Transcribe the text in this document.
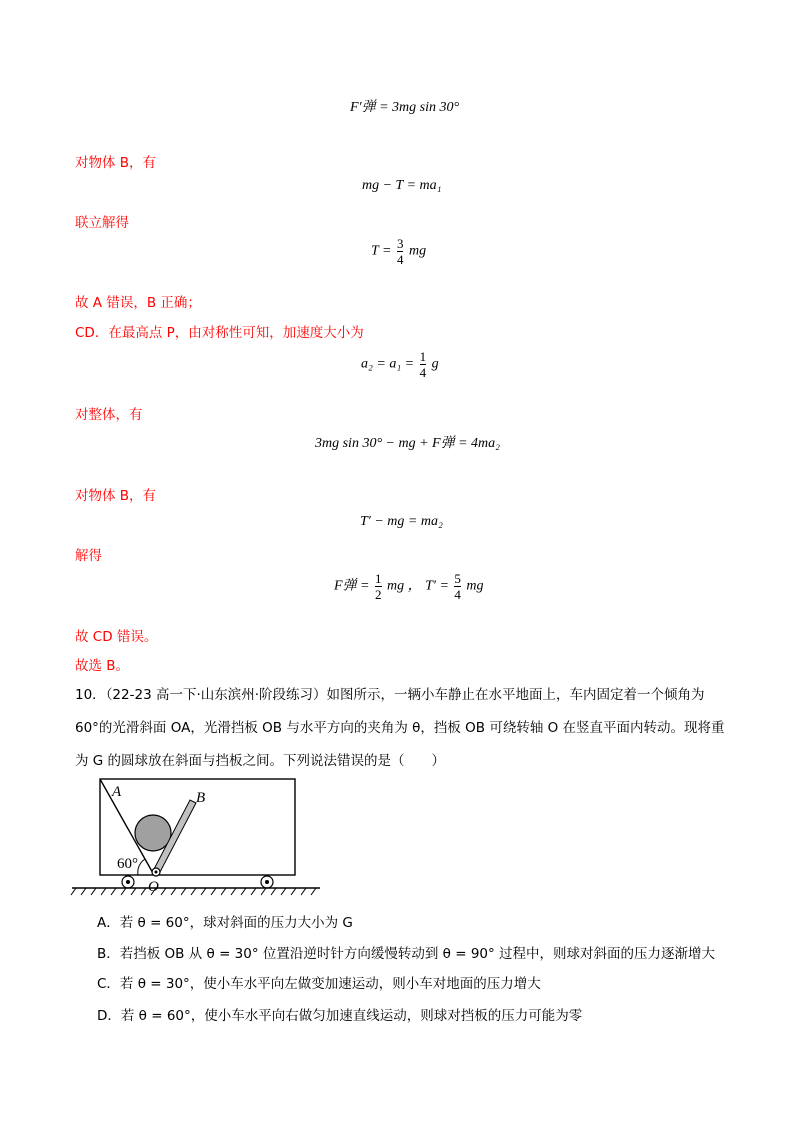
F′弹 = 3mg sin 30°
对物体 B，有
mg − T = ma₁
联立解得
$T = \frac{3}{4}$ mg
故 A 错误，B 正确；
CD．在最高点 P，由对称性可知，加速度大小为
$a_2 = a_1 = \frac{1}{4}$ g
对整体，有
3mg sin 30° − mg + F弹 = 4ma₂
对物体 B，有
T′ − mg = ma₂
解得
F弹 = $\frac{1}{2}$ mg ， $T' = \frac{5}{4}$ mg
故 CD 错误。
故选 B。
10．（22-23 高一下·山东滨州·阶段练习）如图所示，一辆小车静止在水平地面上，车内固定着一个倾角为
60°的光滑斜面 OA，光滑挡板 OB 与水平方向的夹角为 θ，挡板 OB 可绕转轴 O 在竖直平面内转动。现将重
为 G 的圆球放在斜面与挡板之间。下列说法错误的是（　　）
A	B
O
60°
A．若 θ = 60°，球对斜面的压力大小为 G
B．若挡板 OB 从 θ = 30° 位置沿逆时针方向缓慢转动到 θ = 90° 过程中，则球对斜面的压力逐渐增大
C．若 θ = 30°，使小车水平向左做变加速运动，则小车对地面的压力增大
D．若 θ = 60°，使小车水平向右做匀加速直线运动，则球对挡板的压力可能为零
